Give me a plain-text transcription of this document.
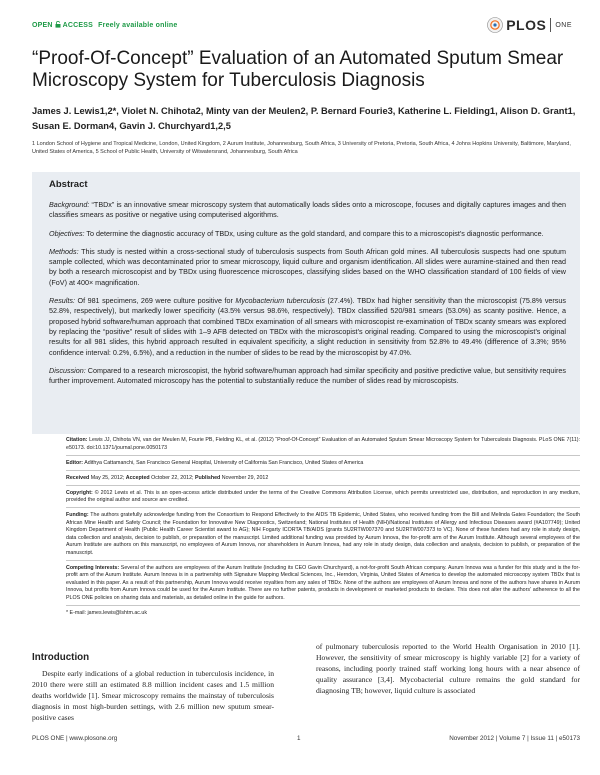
OPEN ACCESS Freely available online	PLOS ONE
“Proof-Of-Concept” Evaluation of an Automated Sputum Smear Microscopy System for Tuberculosis Diagnosis
James J. Lewis1,2*, Violet N. Chihota2, Minty van der Meulen2, P. Bernard Fourie3, Katherine L. Fielding1, Alison D. Grant1, Susan E. Dorman4, Gavin J. Churchyard1,2,5
1 London School of Hygiene and Tropical Medicine, London, United Kingdom, 2 Aurum Institute, Johannesburg, South Africa, 3 University of Pretoria, Pretoria, South Africa, 4 Johns Hopkins University, Baltimore, Maryland, United States of America, 5 School of Public Health, University of Witwatersrand, Johannesburg, South Africa
Abstract

Background: “TBDx” is an innovative smear microscopy system that automatically loads slides onto a microscope, focuses and digitally captures images and then classifies smears as positive or negative using computerised algorithms.

Objectives: To determine the diagnostic accuracy of TBDx, using culture as the gold standard, and compare this to a microscopist’s diagnostic performance.

Methods: This study is nested within a cross-sectional study of tuberculosis suspects from South African gold mines. All tuberculosis suspects had one sputum sample collected, which was decontaminated prior to smear microscopy, liquid culture and organism identification. All slides were auramine-stained and then read by both a research microscopist and by TBDx using fluorescence microscopes, classifying slides based on the WHO classification standard of 100 fields of view (FoV) at 400× magnification.

Results: Of 981 specimens, 269 were culture positive for Mycobacterium tuberculosis (27.4%). TBDx had higher sensitivity than the microscopist (75.8% versus 52.8%, respectively), but markedly lower specificity (43.5% versus 98.6%, respectively). TBDx classified 520/981 smears (53.0%) as scanty positive. Hence, a proposed hybrid software/human approach that combined TBDx examination of all smears with microscopist re-examination of TBDx scanty smears was explored by replacing the “positive” result of slides with 1–9 AFB detected on TBDx with the microscopist’s original reading. Compared to using the microscopist’s original results for all 981 slides, this hybrid approach resulted in equivalent specificity, a slight reduction in sensitivity from 52.8% to 49.4% (difference of 3.3%; 95% confidence interval: 0.2%, 6.5%), and a reduction in the number of slides to be read by the microscopist by 47.0%.

Discussion: Compared to a research microscopist, the hybrid software/human approach had similar specificity and positive predictive value, but sensitivity requires further improvement. Automated microscopy has the potential to substantially reduce the number of slides read by microscopists.

Citation: Lewis JJ, Chihota VN, van der Meulen M, Fourie PB, Fielding KL, et al. (2012) “Proof-Of-Concept” Evaluation of an Automated Sputum Smear Microscopy System for Tuberculosis Diagnosis. PLoS ONE 7(11): e50173. doi:10.1371/journal.pone.0050173

Editor: Adithya Cattamanchi, San Francisco General Hospital, University of California San Francisco, United States of America

Received May 25, 2012; Accepted October 22, 2012; Published November 29, 2012

Copyright: © 2012 Lewis et al. This is an open-access article distributed under the terms of the Creative Commons Attribution License, which permits unrestricted use, distribution, and reproduction in any medium, provided the original author and source are credited.

Funding: The authors gratefully acknowledge funding from the Consortium to Respond Effectively to the AIDS TB Epidemic, United States, who received funding from the Bill and Melinda Gates Foundation; the South African Mine Health and Safety Council; the Foundation for Innovative New Diagnostics, Switzerland; National Institutes of Health (NIH)/National Institutes of Allergy and Infectious Diseases award (#A107749); United Kingdom Department of Health (Public Health Career Scientist award to AG); NIH Fogarty ICORTA TB/AIDS (grants 5U2RTW007370 and 5U2RTW007373 to VC). None of these funders had any role in study design, data collection and analysis, decision to publish, or preparation of the manuscript. Limited additional funding was provided by Aurum Innova, the for-profit arm of the Aurum Institute. Although several employees of the Aurum Institute are authors on this manuscript, no employees of Aurum Innova, nor shareholders in Aurum Innova, had any role in study design, data collection and analysis, decision to publish, or preparation of the manuscript.

Competing Interests: Several of the authors are employees of the Aurum Institute (including its CEO Gavin Churchyard), a not-for-profit South African company. Aurum Innova was a funder for this study and is the for-profit arm of the Aurum Institute. Aurum Innova is in a partnership with Signature Mapping Medical Sciences, Inc., Herndon, Virginia, United States of America to develop the automated microscopy system TBDx that is evaluated in this paper. As a result of this partnership, Aurum Innova would receive royalties from any sales of TBDx. None of the authors are employees of Aurum Innova and none of the authors have shares in Aurum Innova, but profits from Aurum Innova could be used for the Aurum Institute. There are no further patents, products in development or marketed products to declare. This does not alter the authors’ adherence to all the PLOS ONE policies on sharing data and materials, as detailed online in the guide for authors.

* E-mail: james.lewis@lshtm.ac.uk

Introduction
Despite early indications of a global reduction in tuberculosis incidence, in 2010 there were still an estimated 8.8 million incident cases and 1.5 million deaths worldwide [1]. Smear microscopy remains the mainstay of tuberculosis diagnosis in most high-burden settings, with 2.6 million new sputum smear-positive cases
of pulmonary tuberculosis reported to the World Health Organisation in 2010 [1]. However, the sensitivity of smear microscopy is highly variable [2] for a variety of reasons, including poorly trained staff working long hours with a near absence of quality assurance [3,4]. Mycobacterial culture remains the gold standard for diagnosing TB; however, liquid culture is associated
PLOS ONE | www.plosone.org	1	November 2012 | Volume 7 | Issue 11 | e50173
